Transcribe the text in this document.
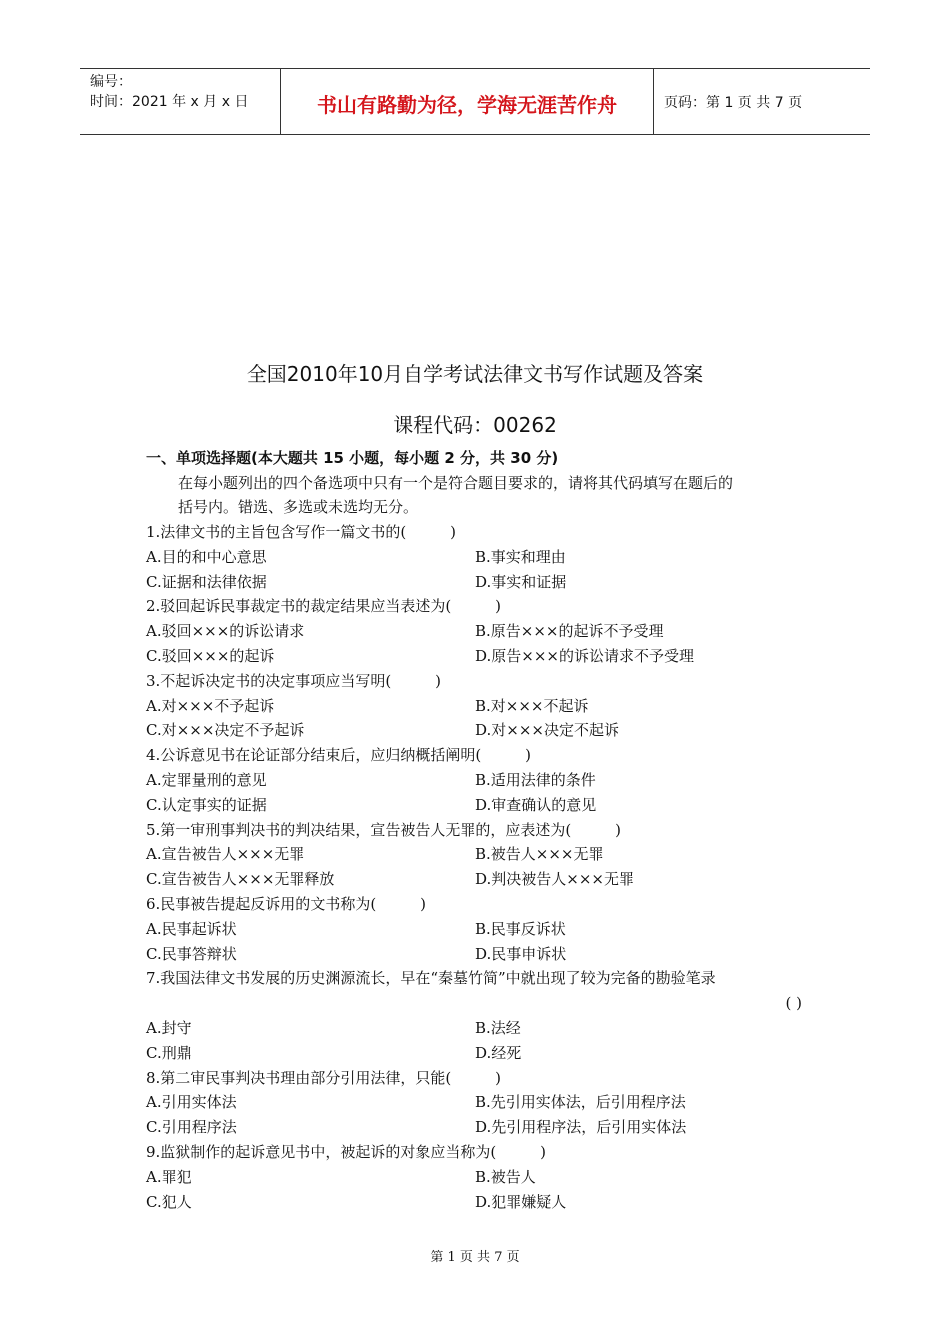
编号：
时间：2021 年 x 月 x 日	书山有路勤为径，学海无涯苦作舟	页码：第 1 页 共 7 页
全国2010年10月自学考试法律文书写作试题及答案
课程代码：00262
一、单项选择题(本大题共 15 小题，每小题 2 分，共 30 分)
在每小题列出的四个备选项中只有一个是符合题目要求的，请将其代码填写在题后的
括号内。错选、多选或未选均无分。
1.法律文书的主旨包含写作一篇文书的(	)
A.目的和中心意思	B.事实和理由
C.证据和法律依据	D.事实和证据
2.驳回起诉民事裁定书的裁定结果应当表述为(	)
A.驳回×××的诉讼请求	B.原告×××的起诉不予受理
C.驳回×××的起诉	D.原告×××的诉讼请求不予受理
3.不起诉决定书的决定事项应当写明(	)
A.对×××不予起诉	B.对×××不起诉
C.对×××决定不予起诉	D.对×××决定不起诉
4.公诉意见书在论证部分结束后，应归纳概括阐明(	)
A.定罪量刑的意见	B.适用法律的条件
C.认定事实的证据	D.审查确认的意见
5.第一审刑事判决书的判决结果，宣告被告人无罪的，应表述为(	)
A.宣告被告人×××无罪	B.被告人×××无罪
C.宣告被告人×××无罪释放	D.判决被告人×××无罪
6.民事被告提起反诉用的文书称为(	)
A.民事起诉状	B.民事反诉状
C.民事答辩状	D.民事申诉状
7.我国法律文书发展的历史渊源流长，早在“秦墓竹简”中就出现了较为完备的勘验笔录
( )
A.封守	B.法经
C.刑鼎	D.经死
8.第二审民事判决书理由部分引用法律，只能(	)
A.引用实体法	B.先引用实体法，后引用程序法
C.引用程序法	D.先引用程序法，后引用实体法
9.监狱制作的起诉意见书中，被起诉的对象应当称为(	)
A.罪犯	B.被告人
C.犯人	D.犯罪嫌疑人
第 1 页 共 7 页
